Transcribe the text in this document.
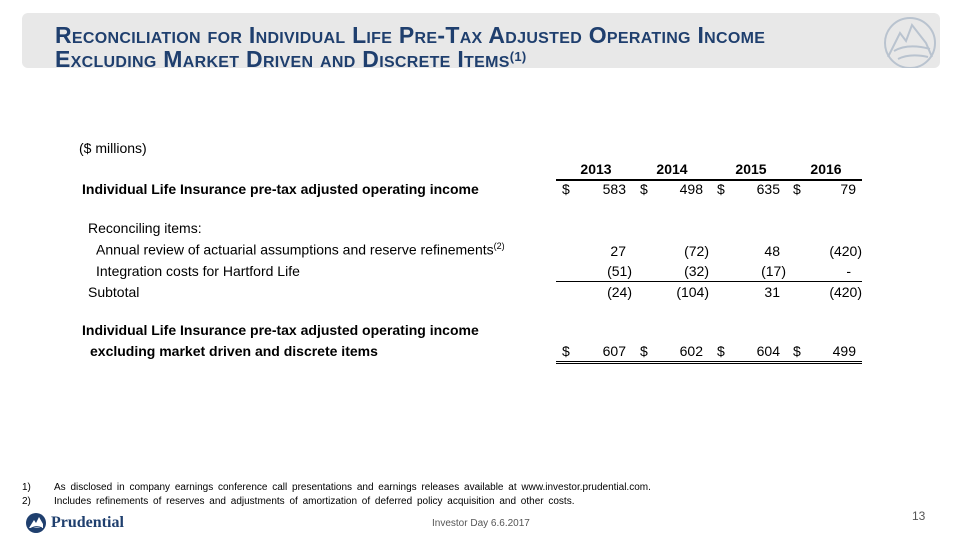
Reconciliation for Individual Life Pre-Tax Adjusted Operating Income
Excluding Market Driven and Discrete Items$^{(1)}$
($ millions)
2013	2014	2015	2016
Individual Life Insurance pre-tax adjusted operating income	$	583 $	498 $	635 $	79
Reconciling items:
Annual review of actuarial assumptions and reserve refinements$^{(2)}$	27	(72)	48	(420)
Integration costs for Hartford Life	(51)	(32)	(17)	-
Subtotal	(24)	(104)	31	(420)
Individual Life Insurance pre-tax adjusted operating income
excluding market driven and discrete items	$	607 $	602 $	604 $	499
1)	As disclosed in company earnings conference call presentations and earnings releases available at www.investor.prudential.com.
2)	Includes refinements of reserves and adjustments of amortization of deferred policy acquisition and other costs.
Prudential	Investor Day 6.6.2017
13
